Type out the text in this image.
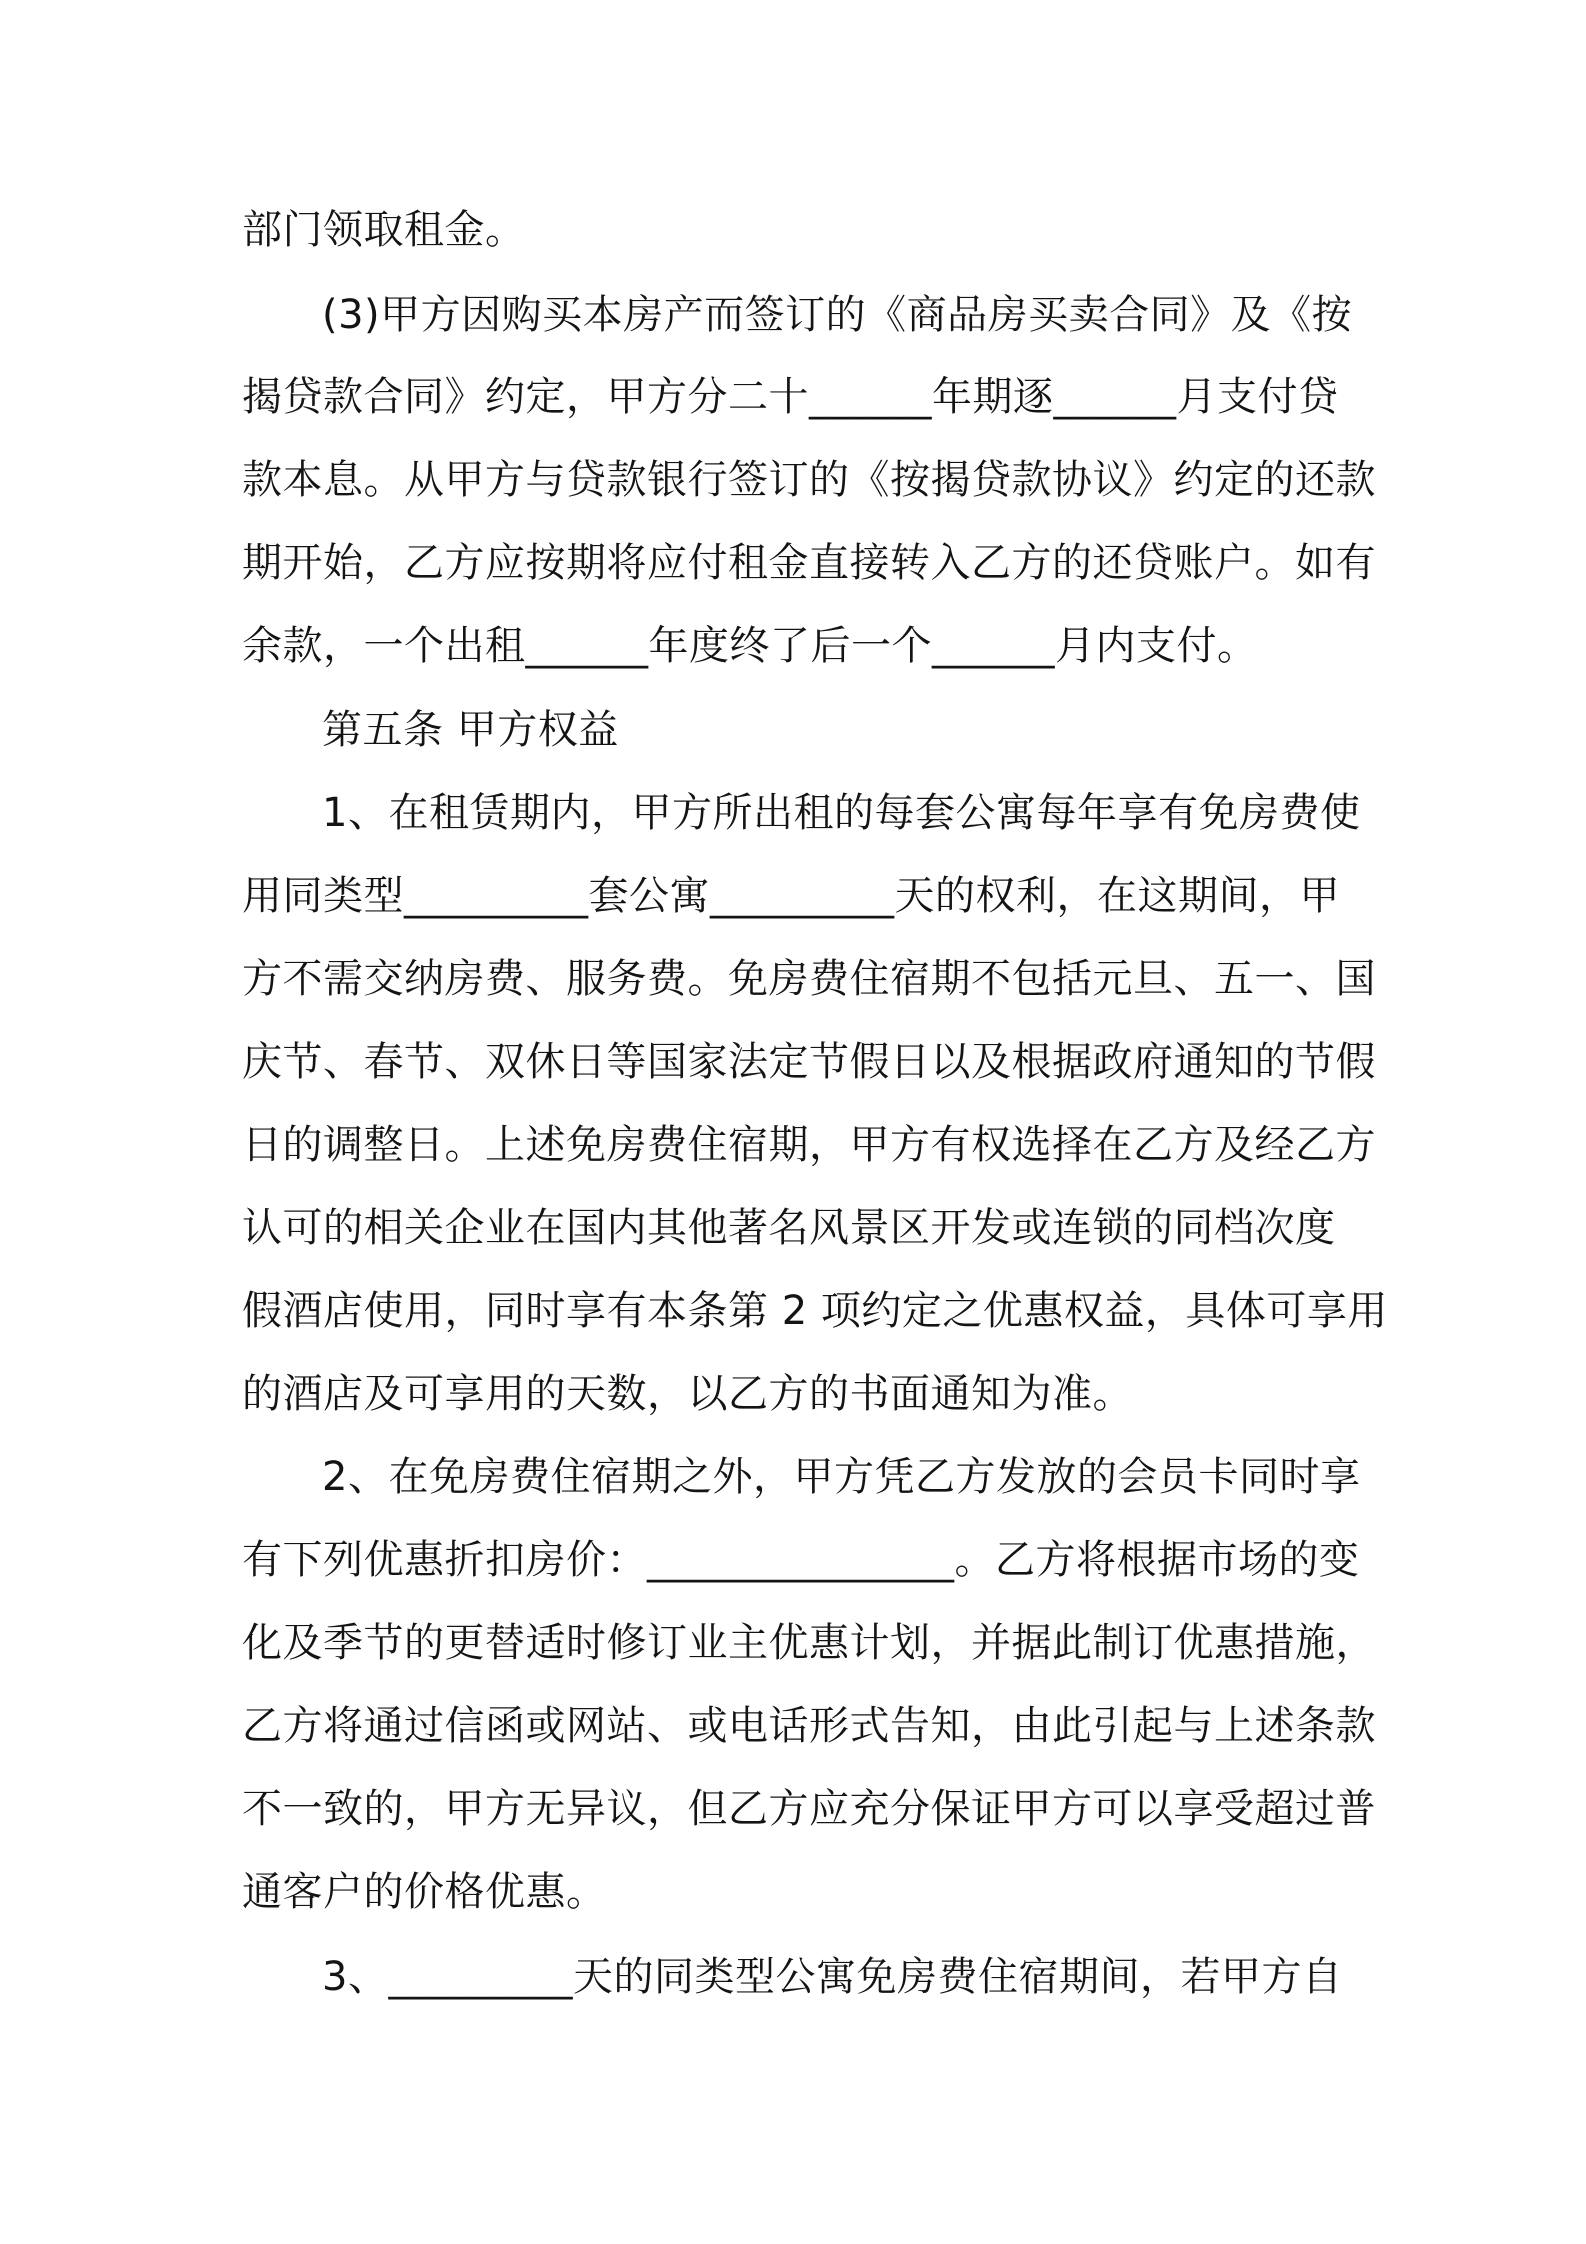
部门领取租金。
(3)甲方因购买本房产而签订的《商品房买卖合同》及《按
揭贷款合同》约定，甲方分二十______年期逐______月支付贷
款本息。从甲方与贷款银行签订的《按揭贷款协议》约定的还款
期开始，乙方应按期将应付租金直接转入乙方的还贷账户。如有
余款，一个出租______年度终了后一个______月内支付。
第五条 甲方权益
1、在租赁期内，甲方所出租的每套公寓每年享有免房费使
用同类型_________套公寓_________天的权利，在这期间，甲
方不需交纳房费、服务费。免房费住宿期不包括元旦、五一、国
庆节、春节、双休日等国家法定节假日以及根据政府通知的节假
日的调整日。上述免房费住宿期，甲方有权选择在乙方及经乙方
认可的相关企业在国内其他著名风景区开发或连锁的同档次度
假酒店使用，同时享有本条第 2 项约定之优惠权益，具体可享用
的酒店及可享用的天数，以乙方的书面通知为准。
2、在免房费住宿期之外，甲方凭乙方发放的会员卡同时享
有下列优惠折扣房价：_______________。乙方将根据市场的变
化及季节的更替适时修订业主优惠计划，并据此制订优惠措施，
乙方将通过信函或网站、或电话形式告知，由此引起与上述条款
不一致的，甲方无异议，但乙方应充分保证甲方可以享受超过普
通客户的价格优惠。
3、_________天的同类型公寓免房费住宿期间，若甲方自
